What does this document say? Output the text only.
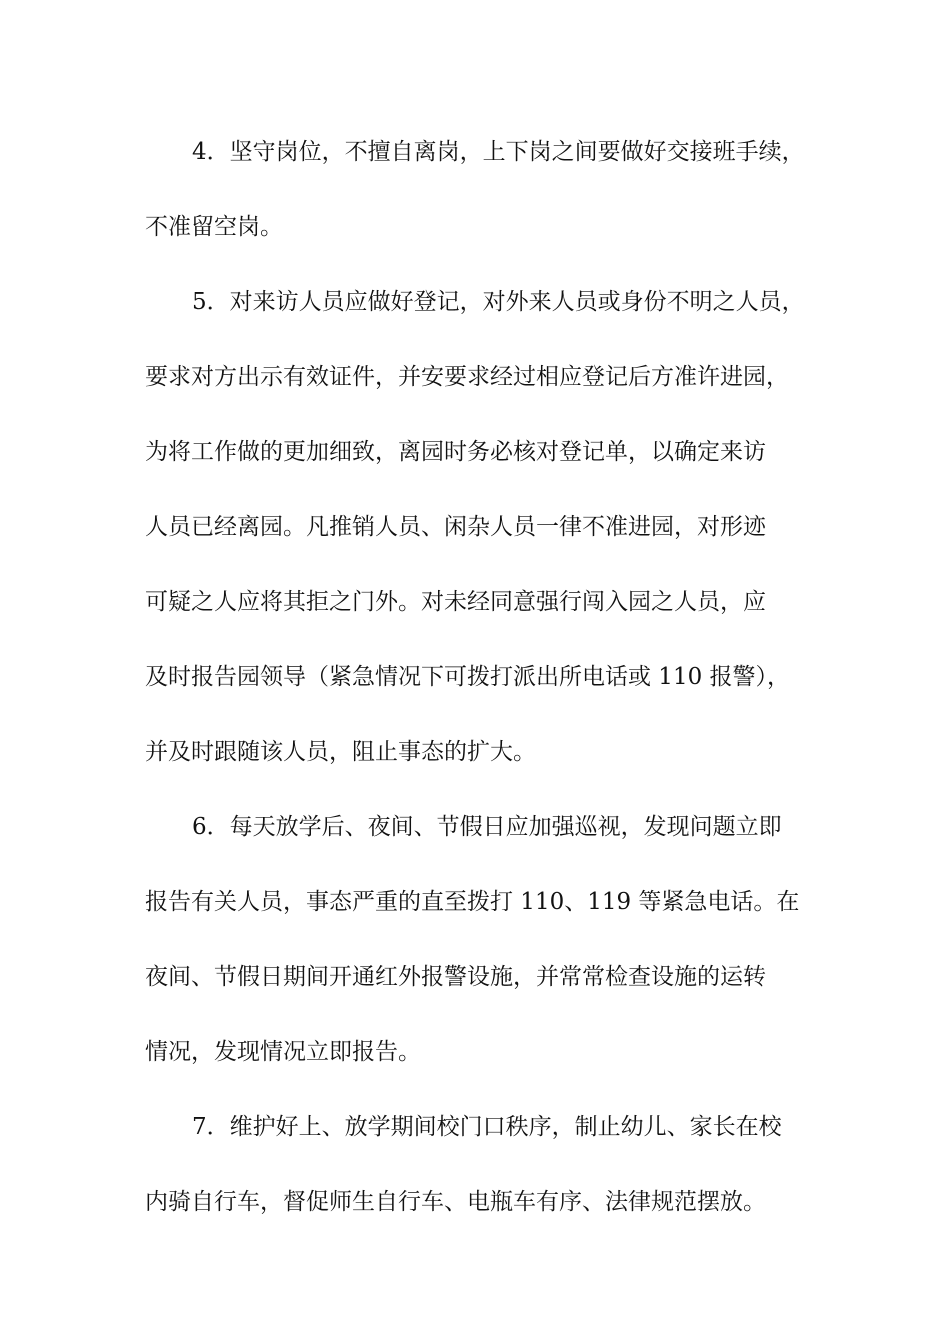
4．坚守岗位，不擅自离岗，上下岗之间要做好交接班手续，
不准留空岗。
5．对来访人员应做好登记，对外来人员或身份不明之人员，
要求对方出示有效证件，并安要求经过相应登记后方准许进园，
为将工作做的更加细致，离园时务必核对登记单，以确定来访
人员已经离园。凡推销人员、闲杂人员一律不准进园，对形迹
可疑之人应将其拒之门外。对未经同意强行闯入园之人员，应
及时报告园领导（紧急情况下可拨打派出所电话或 110 报警），
并及时跟随该人员，阻止事态的扩大。
6．每天放学后、夜间、节假日应加强巡视，发现问题立即
报告有关人员，事态严重的直至拨打 110、119 等紧急电话。在
夜间、节假日期间开通红外报警设施，并常常检查设施的运转
情况，发现情况立即报告。
7．维护好上、放学期间校门口秩序，制止幼儿、家长在校
内骑自行车，督促师生自行车、电瓶车有序、法律规范摆放。
